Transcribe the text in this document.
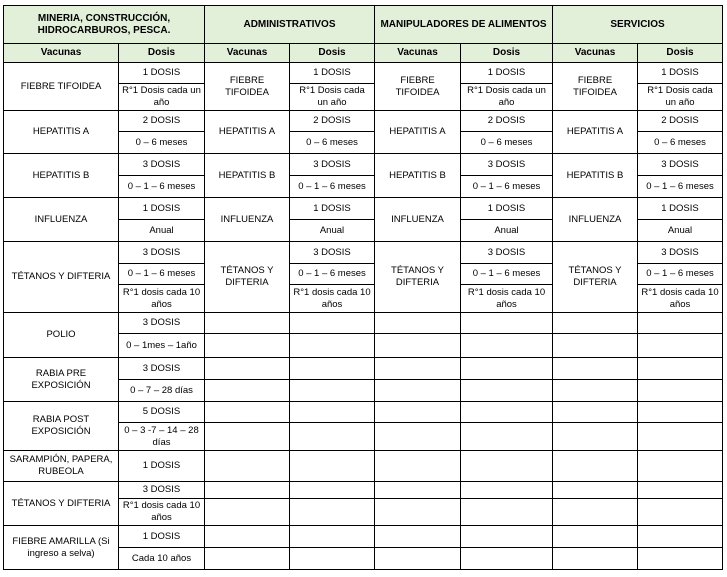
MINERIA, CONSTRUCCIÓN, HIDROCARBUROS, PESCA.		ADMINISTRATIVOS		MANIPULADORES DE ALIMENTOS		SERVICIOS	
Vacunas	Dosis	Vacunas	Dosis	Vacunas	Dosis	Vacunas	Dosis
FIEBRE TIFOIDEA	1 DOSIS	FIEBRE TIFOIDEA	1 DOSIS	FIEBRE TIFOIDEA	1 DOSIS	FIEBRE TIFOIDEA	1 DOSIS
	R°1 Dosis cada un año		R°1 Dosis cada un año		R°1 Dosis cada un año		R°1 Dosis cada un año
HEPATITIS A	2 DOSIS	HEPATITIS A	2 DOSIS	HEPATITIS A	2 DOSIS	HEPATITIS A	2 DOSIS
	0 – 6 meses		0 – 6 meses		0 – 6 meses		0 – 6 meses
HEPATITIS B	3 DOSIS	HEPATITIS B	3 DOSIS	HEPATITIS B	3 DOSIS	HEPATITIS B	3 DOSIS
	0 – 1 – 6 meses		0 – 1 – 6 meses		0 – 1 – 6 meses		0 – 1 – 6 meses
INFLUENZA	1 DOSIS	INFLUENZA	1 DOSIS	INFLUENZA	1 DOSIS	INFLUENZA	1 DOSIS
	Anual		Anual		Anual		Anual
TÉTANOS Y DIFTERIA	3 DOSIS	TÉTANOS Y DIFTERIA	3 DOSIS	TÉTANOS Y DIFTERIA	3 DOSIS	TÉTANOS Y DIFTERIA	3 DOSIS
	0 – 1 – 6 meses		0 – 1 – 6 meses		0 – 1 – 6 meses		0 – 1 – 6 meses
	R°1 dosis cada 10 años		R°1 dosis cada 10 años		R°1 dosis cada 10 años		R°1 dosis cada 10 años
POLIO	3 DOSIS						
	0 – 1mes – 1año						
RABIA PRE EXPOSICIÓN	3 DOSIS						
	0 – 7 – 28 días						
RABIA POST EXPOSICIÓN	5 DOSIS						
	0 – 3 -7 – 14 – 28 días						
SARAMPIÓN, PAPERA, RUBEOLA	1 DOSIS						
TÉTANOS Y DIFTERIA	3 DOSIS						
	R°1 dosis cada 10 años						
FIEBRE AMARILLA (Si ingreso a selva)	1 DOSIS						
	Cada 10 años						
